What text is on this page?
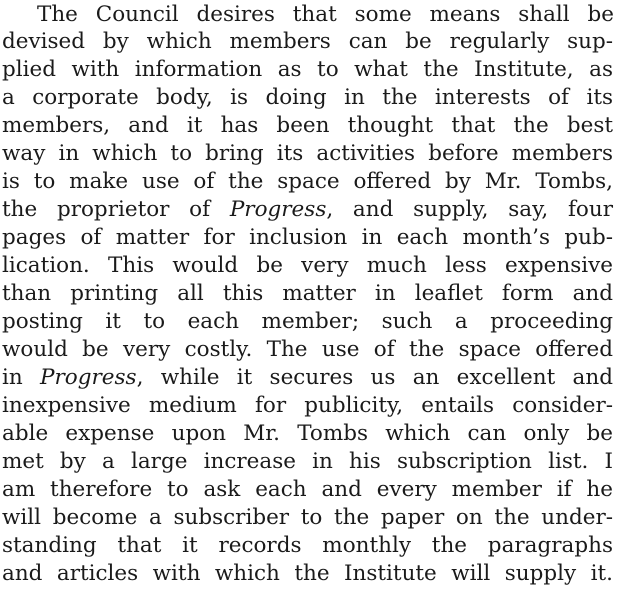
The Council desires that some means shall be
devised by which members can be regularly sup-
plied with information as to what the Institute, as
a corporate body, is doing in the interests of its
members, and it has been thought that the best
way in which to bring its activities before members
is to make use of the space offered by Mr. Tombs,
the proprietor of Progress, and supply, say, four
pages of matter for inclusion in each month’s pub-
lication. This would be very much less expensive
than printing all this matter in leaflet form and
posting it to each member; such a proceeding
would be very costly. The use of the space offered
in Progress, while it secures us an excellent and
inexpensive medium for publicity, entails consider-
able expense upon Mr. Tombs which can only be
met by a large increase in his subscription list. I
am therefore to ask each and every member if he
will become a subscriber to the paper on the under-
standing that it records monthly the paragraphs
and articles with which the Institute will supply it.
